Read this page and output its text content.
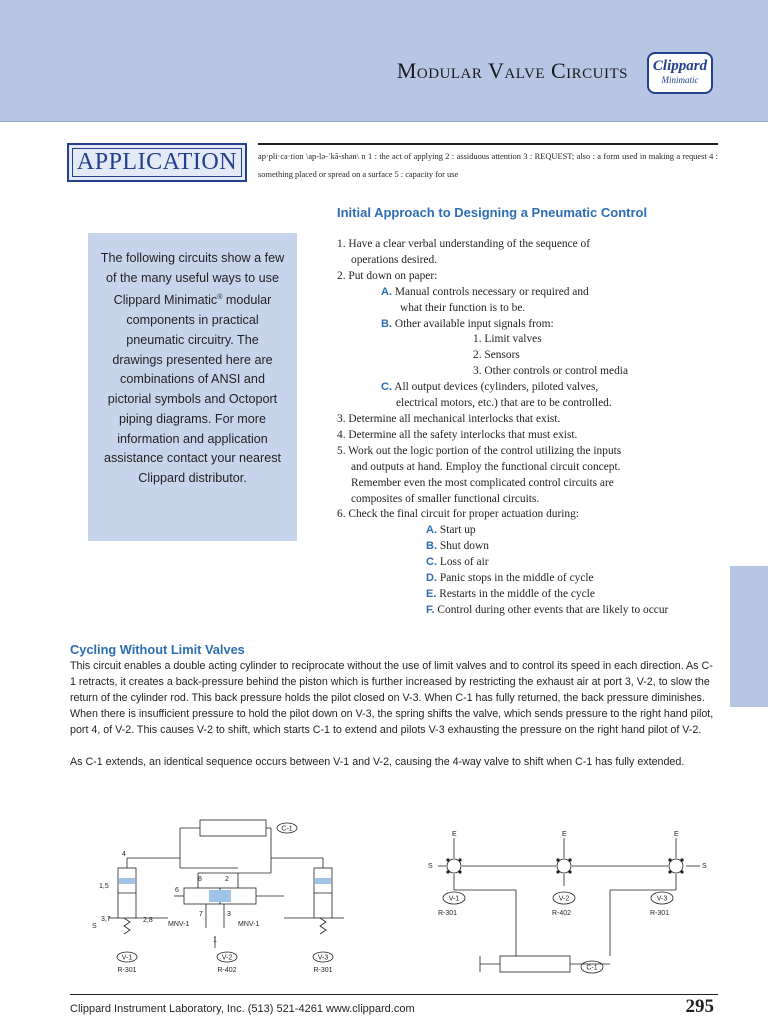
Modular Valve Circuits Clippard
Minimatic
APPLICATION	ap·pli·ca·tion \ap-lə-ˈkā-shən\ n 1 : the act of applying 2 : assiduous attention 3 : REQUEST; also : a form used in making a request 4 : something placed or spread on a surface 5 : capacity for use
The following circuits show a few of the many useful ways to use Clippard Minimatic® modular components in practical pneumatic circuitry. The drawings presented here are combinations of ANSI and pictorial symbols and Octoport piping diagrams. For more information and application assistance contact your nearest Clippard distributor.
Initial Approach to Designing a Pneumatic Control
1. Have a clear verbal understanding of the sequence of
operations desired.
2. Put down on paper:
A. Manual controls necessary or required and
what their function is to be.
B. Other available input signals from:
1. Limit valves
2. Sensors
3. Other controls or control media
C. All output devices (cylinders, piloted valves,
electrical motors, etc.) that are to be controlled.
3. Determine all mechanical interlocks that exist.
4. Determine all the safety interlocks that must exist.
5. Work out the logic portion of the control utilizing the inputs
and outputs at hand. Employ the functional circuit concept.
Remember even the most complicated control circuits are
composites of smaller functional circuits.
6. Check the final circuit for proper actuation during:
A. Start up
B. Shut down
C. Loss of air
D. Panic stops in the middle of cycle
E. Restarts in the middle of the cycle
F. Control during other events that are likely to occur
Cycling Without Limit Valves

This circuit enables a double acting cylinder to reciprocate without the use of limit valves and to control its speed in each direction. As C-1 retracts, it creates a back-pressure behind the piston which is further increased by restricting the exhaust air at port 3, V-2, to slow the return of the cylinder rod. This back pressure holds the pilot closed on V-3. When C-1 has fully returned, the back pressure diminishes. When there is insufficient pressure to hold the pilot down on V-3, the spring shifts the valve, which sends pressure to the right hand pilot, port 4, of V-2. This causes V-2 to shift, which starts C-1 to extend and pilots V-3 exhausting the pressure on the right hand pilot of V-2.

As C-1 extends, an identical sequence occurs between V-1 and V-2, causing the 4-way valve to shift when C-1 has fully extended.

C-1
V-1	V-2	V-3
R-301	R-402	R-301
MNV-1	MNV-1
4
1,5
3,7	2,8
S
6
8	2
7	3
1
V-1	V-2	V-3
C-1
R-301	R-402	R-301
E	E	E
S	S
Clippard Instrument Laboratory, Inc. (513) 521-4261 www.clippard.com	295
